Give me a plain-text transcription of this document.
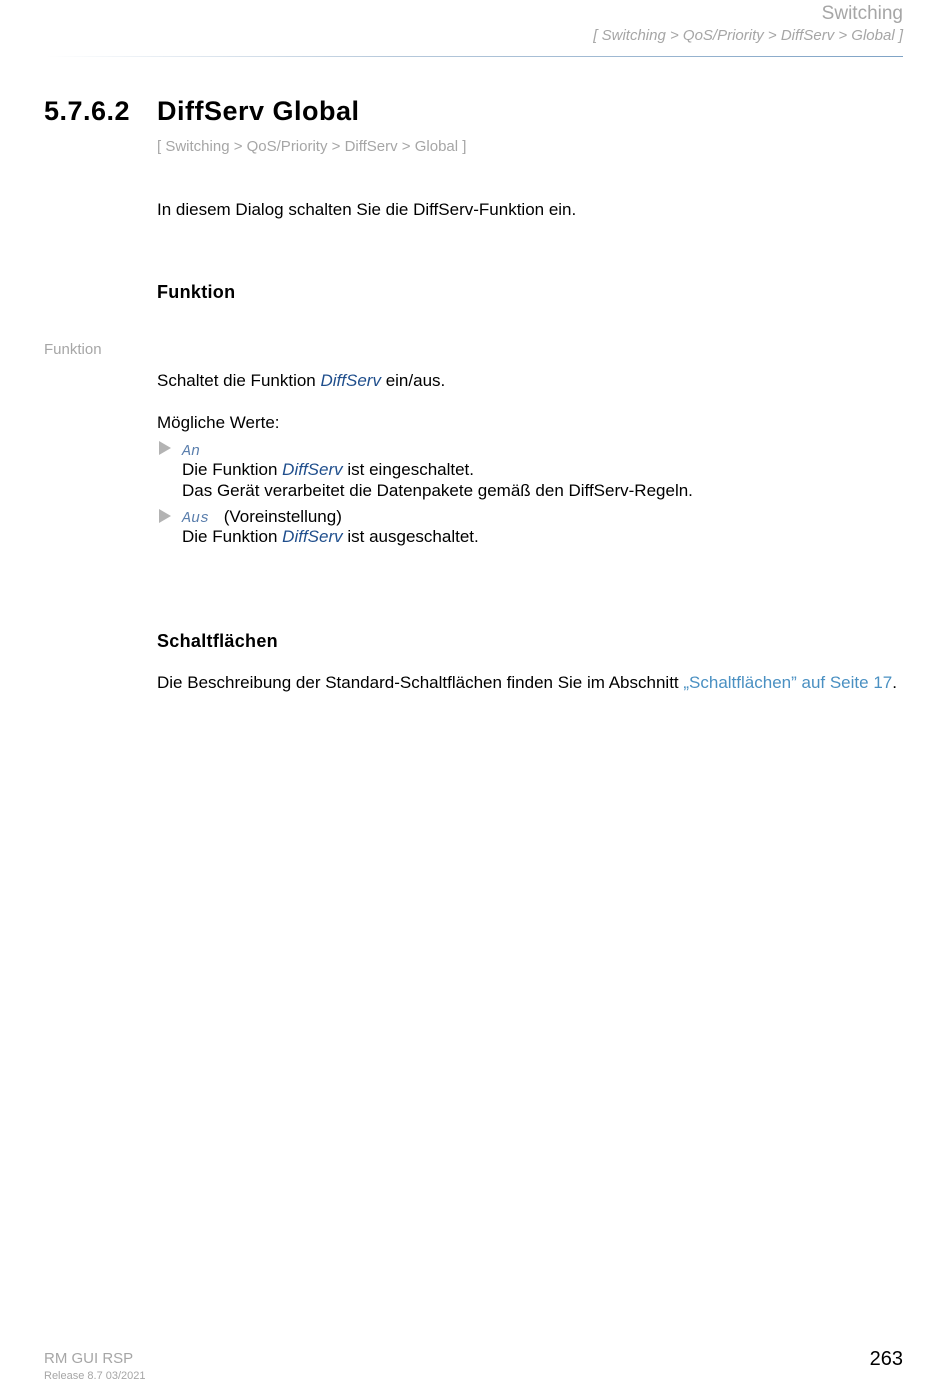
Switching
[ Switching > QoS/Priority > DiffServ > Global ]
5.7.6.2 DiffServ Global
[ Switching > QoS/Priority > DiffServ > Global ]
In diesem Dialog schalten Sie die DiffServ-Funktion ein.
Funktion
Funktion
Schaltet die Funktion DiffServ ein/aus.
Mögliche Werte:
An
Die Funktion DiffServ ist eingeschaltet.
Das Gerät verarbeitet die Datenpakete gemäß den DiffServ-Regeln.
Aus (Voreinstellung)
Die Funktion DiffServ ist ausgeschaltet.
Schaltflächen
Die Beschreibung der Standard-Schaltflächen finden Sie im Abschnitt „Schaltflächen” auf Seite 17.
RM GUI RSP
Release 8.7 03/2021
263
